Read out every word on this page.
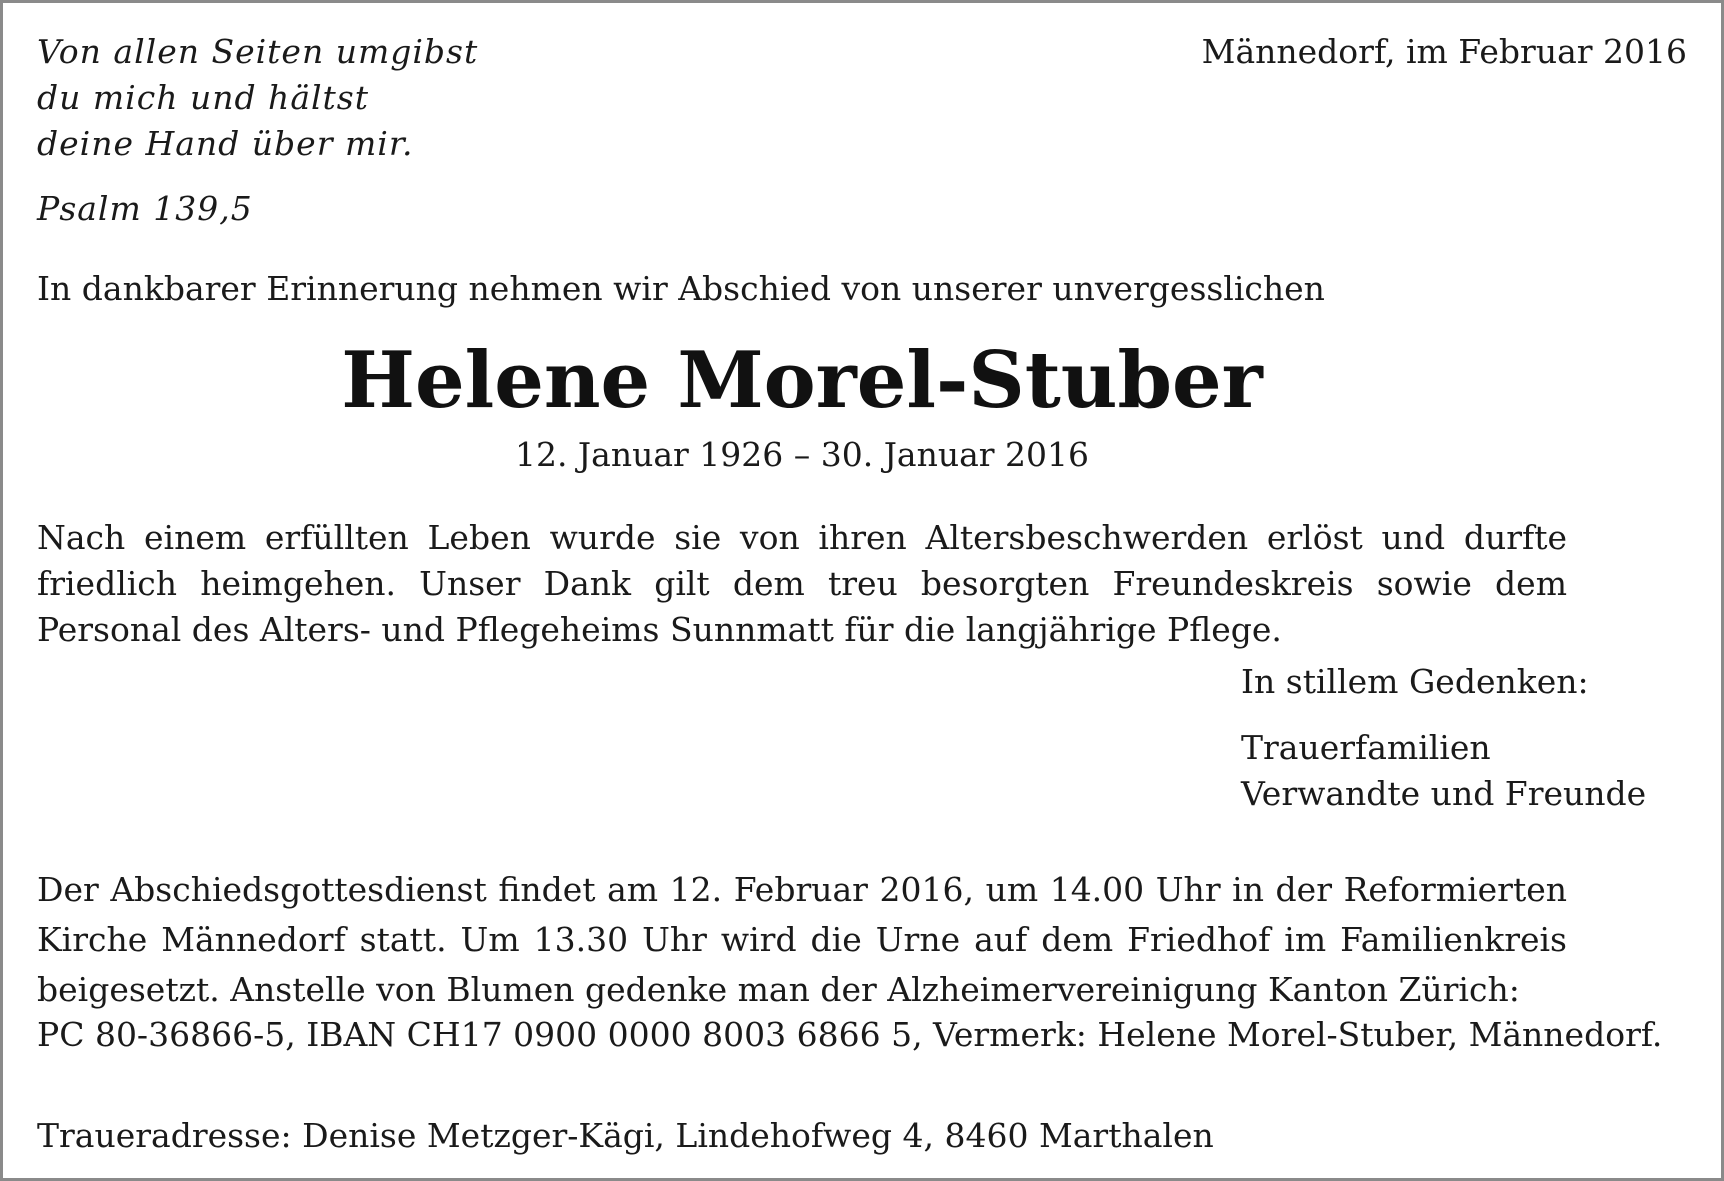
Von allen Seiten umgibst
du mich und hältst
deine Hand über mir.

Psalm 139,5

Männedorf, im Februar 2016

In dankbarer Erinnerung nehmen wir Abschied von unserer unvergesslichen

Helene Morel-Stuber

12. Januar 1926 – 30. Januar 2016

Nach einem erfüllten Leben wurde sie von ihren Altersbeschwerden erlöst und durfte friedlich heimgehen. Unser Dank gilt dem treu besorgten Freundeskreis sowie dem Personal des Alters- und Pflegeheims Sunnmatt für die langjährige Pflege.

In stillem Gedenken:

Trauerfamilien
Verwandte und Freunde

Der Abschiedsgottesdienst findet am 12. Februar 2016, um 14.00 Uhr in der Reformierten Kirche Männedorf statt. Um 13.30 Uhr wird die Urne auf dem Friedhof im Familienkreis beigesetzt. Anstelle von Blumen gedenke man der Alzheimervereinigung Kanton Zürich:

PC 80-36866-5, IBAN CH17 0900 0000 8003 6866 5, Vermerk: Helene Morel-Stuber, Männedorf.

Traueradresse: Denise Metzger-Kägi, Lindehofweg 4, 8460 Marthalen
